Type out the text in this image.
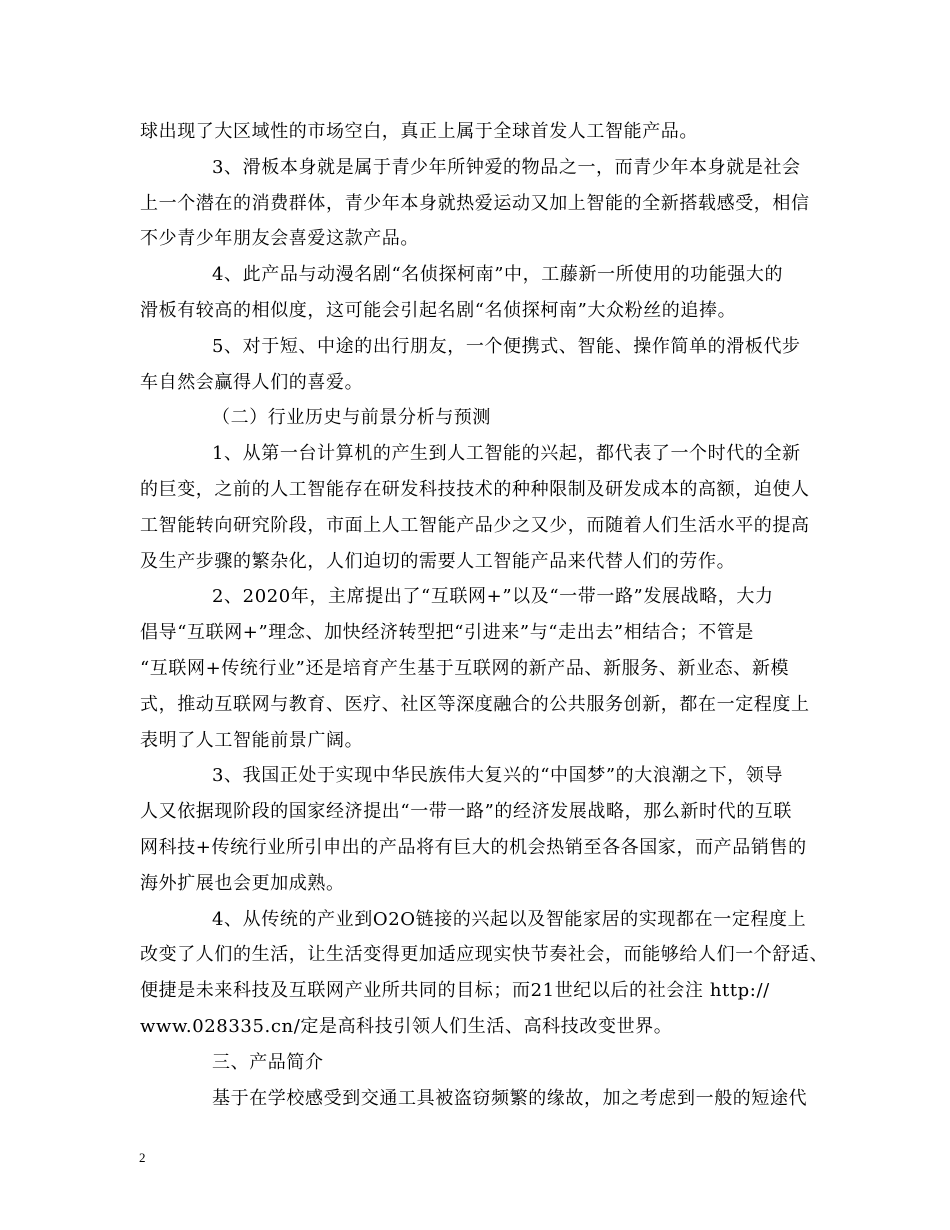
球出现了大区域性的市场空白，真正上属于全球首发人工智能产品。
3、滑板本身就是属于青少年所钟爱的物品之一，而青少年本身就是社会
上一个潜在的消费群体，青少年本身就热爱运动又加上智能的全新搭载感受，相信
不少青少年朋友会喜爱这款产品。
4、此产品与动漫名剧“名侦探柯南”中，工藤新一所使用的功能强大的
滑板有较高的相似度，这可能会引起名剧“名侦探柯南”大众粉丝的追捧。
5、对于短、中途的出行朋友，一个便携式、智能、操作简单的滑板代步
车自然会赢得人们的喜爱。
（二）行业历史与前景分析与预测
1、从第一台计算机的产生到人工智能的兴起，都代表了一个时代的全新
的巨变，之前的人工智能存在研发科技技术的种种限制及研发成本的高额，迫使人
工智能转向研究阶段，市面上人工智能产品少之又少，而随着人们生活水平的提高
及生产步骤的繁杂化，人们迫切的需要人工智能产品来代替人们的劳作。
2、2020年，主席提出了“互联网+”以及“一带一路”发展战略，大力
倡导“互联网+”理念、加快经济转型把“引进来”与“走出去”相结合；不管是
“互联网+传统行业”还是培育产生基于互联网的新产品、新服务、新业态、新模
式，推动互联网与教育、医疗、社区等深度融合的公共服务创新，都在一定程度上
表明了人工智能前景广阔。
3、我国正处于实现中华民族伟大复兴的“中国梦”的大浪潮之下，领导
人又依据现阶段的国家经济提出“一带一路”的经济发展战略，那么新时代的互联
网科技+传统行业所引申出的产品将有巨大的机会热销至各各国家，而产品销售的
海外扩展也会更加成熟。
4、从传统的产业到O2O链接的兴起以及智能家居的实现都在一定程度上
改变了人们的生活，让生活变得更加适应现实快节奏社会，而能够给人们一个舒适、
便捷是未来科技及互联网产业所共同的目标；而21世纪以后的社会注 http://
www.028335.cn/定是高科技引领人们生活、高科技改变世界。
三、产品简介
基于在学校感受到交通工具被盗窃频繁的缘故，加之考虑到一般的短途代
2
